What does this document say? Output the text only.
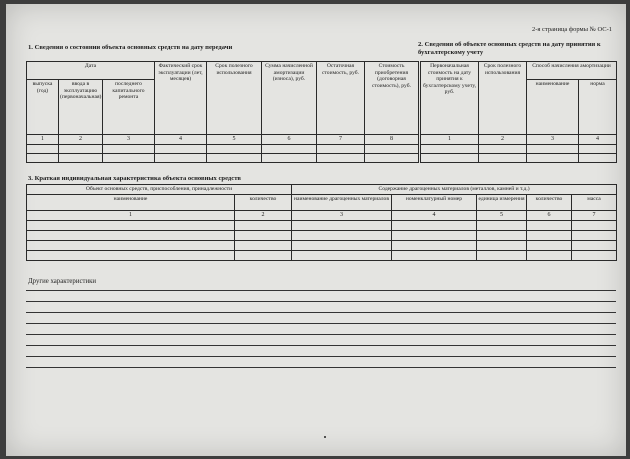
2-я страница формы № ОС-1
1. Сведения о состоянии объекта основных средств на дату передачи
Дата			Фактический срок эксплуатации (лет, месяцев)	Срок полезного использования	Сумма начисленной амортизации (износа), руб.	Остаточная стоимость, руб.	Стоимость приобретения (договорная стоимость), руб.
выпуска (год)	ввода в эксплуатацию (первоначальная)	последнего капитального ремонта					
1	2	3	4	5	6	7	8

2. Сведения об объекте основных средств на дату принятия к бухгалтерскому учету
Первоначальная стоимость на дату принятия к бухгалтерскому учету, руб.	Срок полезного использования	Способ начисления амортизации	
		наименование	норма
1	2	3	4

3. Краткая индивидуальная характеристика объекта основных средств
Объект основных средств, приспособления, принадлежности		Содержание драгоценных материалов (металлов, камней и т.д.)				
наименование	количество	наименование драгоценных материалов	номенклатурный номер	единица измерения	количество	масса
1	2	3	4	5	6	7

Другие характеристики
